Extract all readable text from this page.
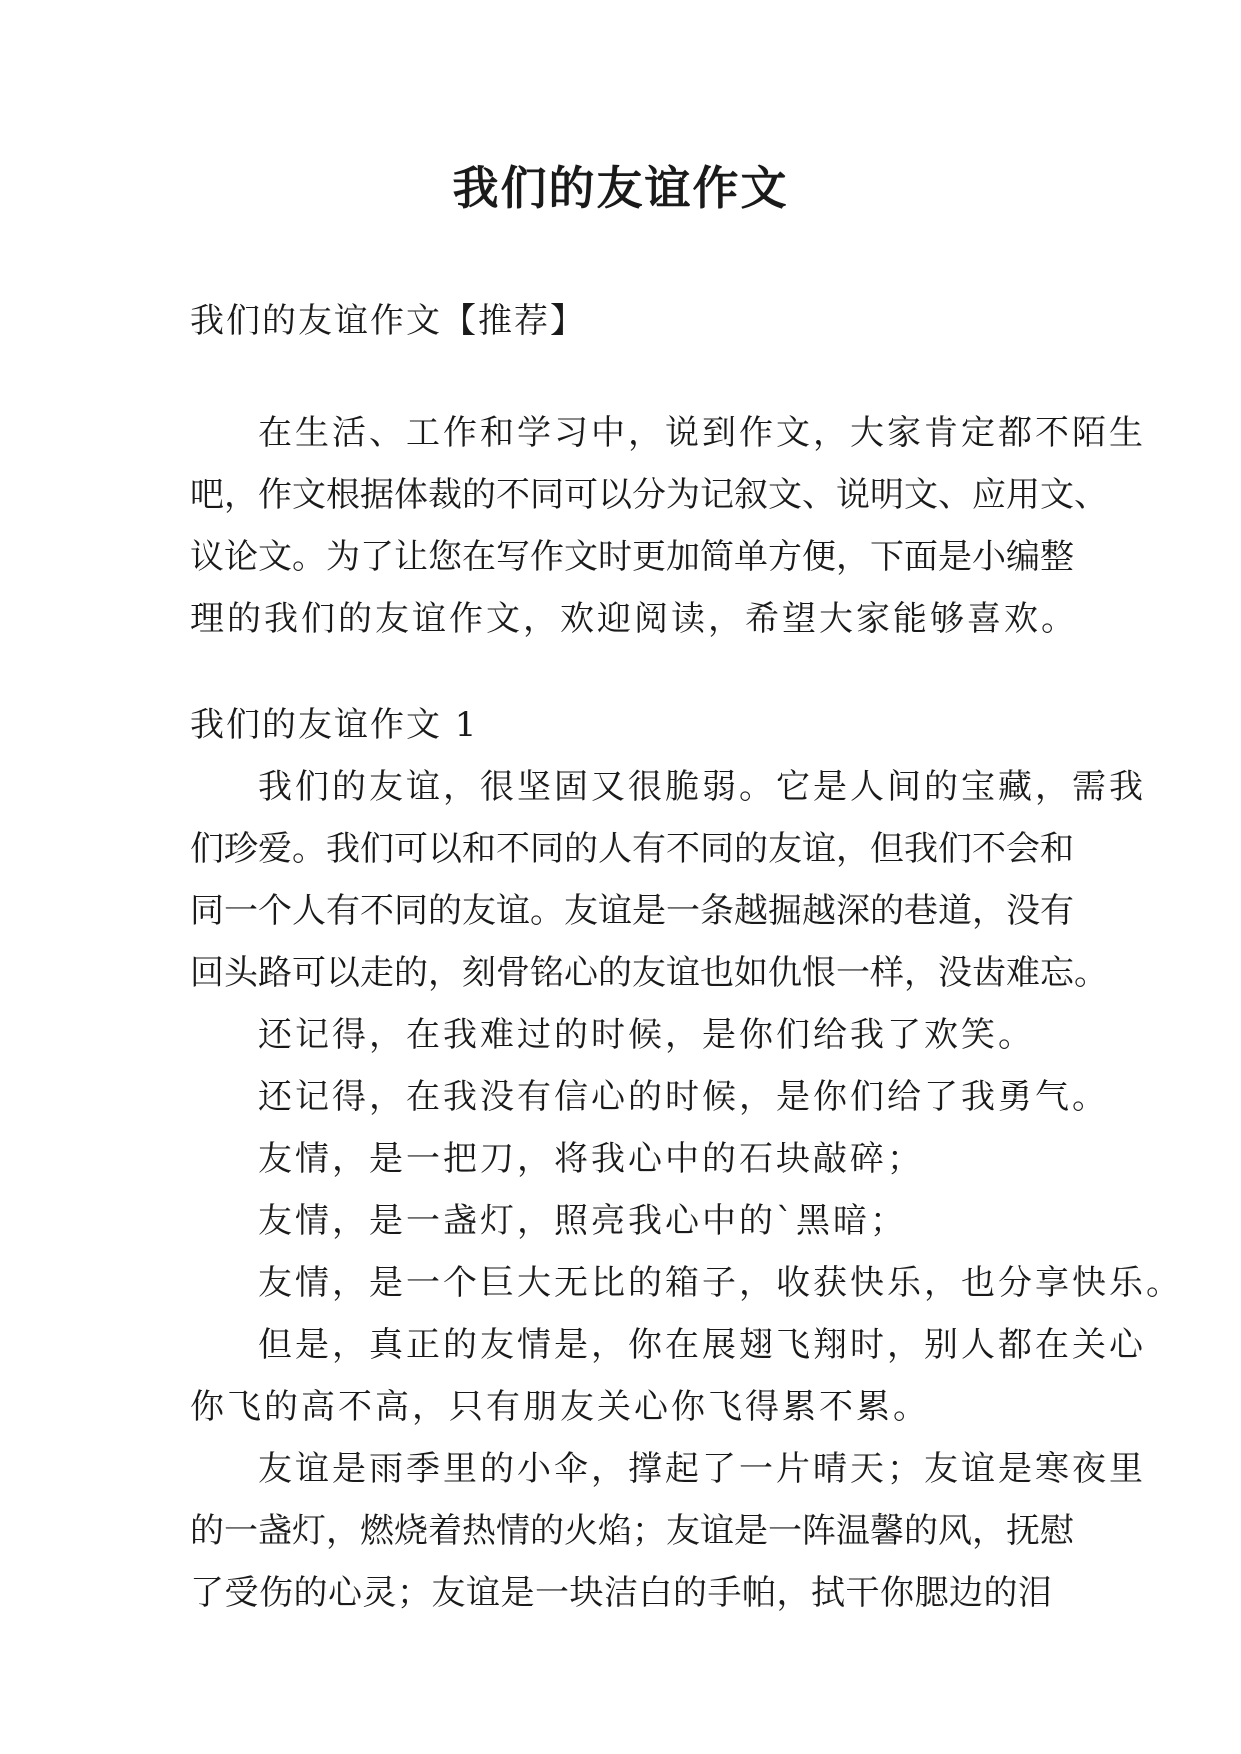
我们的友谊作文
我们的友谊作文【推荐】
在生活、工作和学习中，说到作文，大家肯定都不陌生
吧，作文根据体裁的不同可以分为记叙文、说明文、应用文、
议论文。为了让您在写作文时更加简单方便，下面是小编整
理的我们的友谊作文，欢迎阅读，希望大家能够喜欢。
我们的友谊作文 1
我们的友谊，很坚固又很脆弱。它是人间的宝藏，需我
们珍爱。我们可以和不同的人有不同的友谊，但我们不会和
同一个人有不同的友谊。友谊是一条越掘越深的巷道，没有
回头路可以走的，刻骨铭心的友谊也如仇恨一样，没齿难忘。
还记得，在我难过的时候，是你们给我了欢笑。
还记得，在我没有信心的时候，是你们给了我勇气。
友情，是一把刀，将我心中的石块敲碎；
友情，是一盏灯，照亮我心中的`黑暗；
友情，是一个巨大无比的箱子，收获快乐，也分享快乐。
但是，真正的友情是，你在展翅飞翔时，别人都在关心
你飞的高不高，只有朋友关心你飞得累不累。
友谊是雨季里的小伞，撑起了一片晴天；友谊是寒夜里
的一盏灯，燃烧着热情的火焰；友谊是一阵温馨的风，抚慰
了受伤的心灵；友谊是一块洁白的手帕，拭干你腮边的泪
